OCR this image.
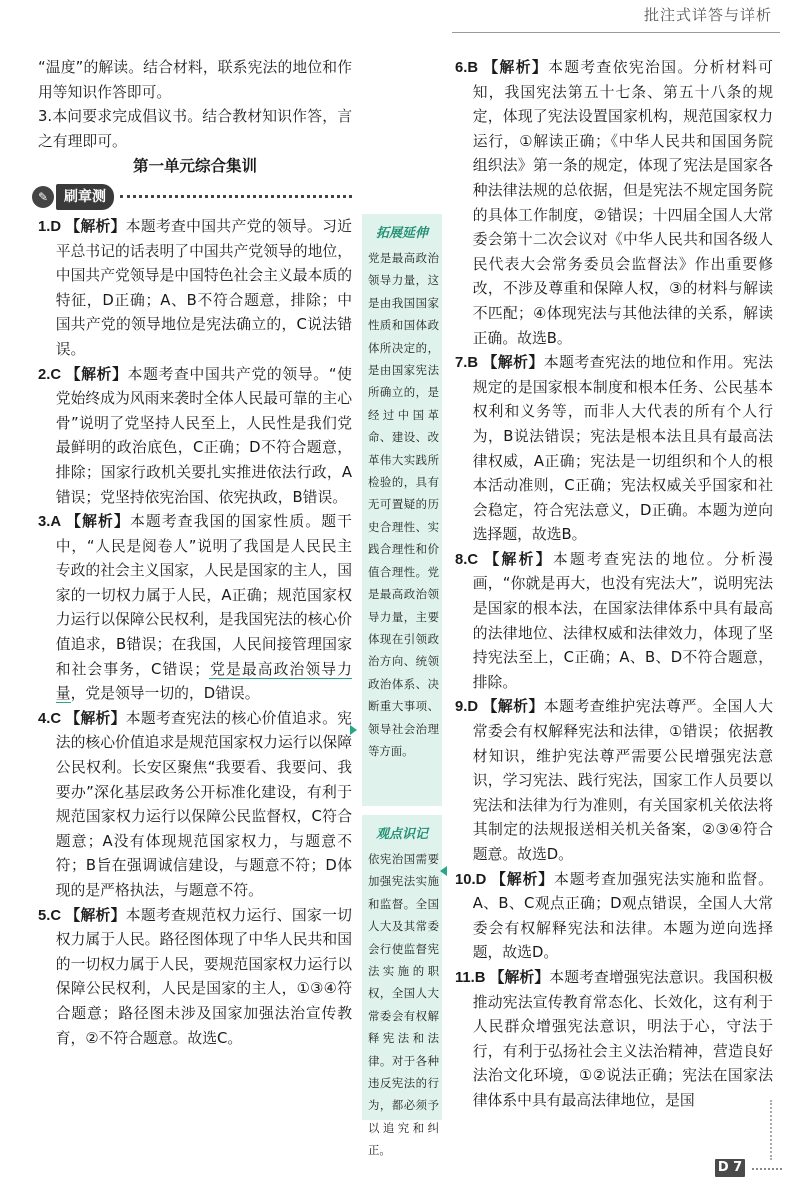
批注式详答与详析

“温度”的解读。结合材料，联系宪法的地位和作用等知识作答即可。

3.本问要求完成倡议书。结合教材知识作答，言之有理即可。

第一单元综合集训

✎	刷章测

1.D 【解析】本题考查中国共产党的领导。习近平总书记的话表明了中国共产党领导的地位，中国共产党领导是中国特色社会主义最本质的特征，D正确；A、B不符合题意，排除；中国共产党的领导地位是宪法确立的，C说法错误。

2.C 【解析】本题考查中国共产党的领导。“使党始终成为风雨来袭时全体人民最可靠的主心骨”说明了党坚持人民至上，人民性是我们党最鲜明的政治底色，C正确；D不符合题意，排除；国家行政机关要扎实推进依法行政，A错误；党坚持依宪治国、依宪执政，B错误。

3.A 【解析】本题考查我国的国家性质。题干中，“人民是阅卷人”说明了我国是人民民主专政的社会主义国家，人民是国家的主人，国家的一切权力属于人民，A正确；规范国家权力运行以保障公民权利，是我国宪法的核心价值追求，B错误；在我国，人民间接管理国家和社会事务，C错误；党是最高政治领导力量，党是领导一切的，D错误。

4.C 【解析】本题考查宪法的核心价值追求。宪法的核心价值追求是规范国家权力运行以保障公民权利。长安区聚焦“我要看、我要问、我要办”深化基层政务公开标准化建设，有利于规范国家权力运行以保障公民监督权，C符合题意；A没有体现规范国家权力，与题意不符；B旨在强调诚信建设，与题意不符；D体现的是严格执法，与题意不符。

5.C 【解析】本题考查规范权力运行、国家一切权力属于人民。路径图体现了中华人民共和国的一切权力属于人民，要规范国家权力运行以保障公民权利，人民是国家的主人，①③④符合题意；路径图未涉及国家加强法治宣传教育，②不符合题意。故选C。

拓展延伸
党是最高政治领导力量，这是由我国国家性质和国体政体所决定的，是由国家宪法所确立的，是经过中国革命、建设、改革伟大实践所检验的，具有无可置疑的历史合理性、实践合理性和价值合理性。党是最高政治领导力量，主要体现在引领政治方向、统领政治体系、决断重大事项、领导社会治理等方面。
观点识记
依宪治国需要加强宪法实施和监督。全国人大及其常委会行使监督宪法实施的职权，全国人大常委会有权解释宪法和法律。对于各种违反宪法的行为，都必须予以追究和纠正。

6.B 【解析】本题考查依宪治国。分析材料可知，我国宪法第五十七条、第五十八条的规定，体现了宪法设置国家机构，规范国家权力运行，①解读正确；《中华人民共和国国务院组织法》第一条的规定，体现了宪法是国家各种法律法规的总依据，但是宪法不规定国务院的具体工作制度，②错误；十四届全国人大常委会第十二次会议对《中华人民共和国各级人民代表大会常务委员会监督法》作出重要修改，不涉及尊重和保障人权，③的材料与解读不匹配；④体现宪法与其他法律的关系，解读正确。故选B。

7.B 【解析】本题考查宪法的地位和作用。宪法规定的是国家根本制度和根本任务、公民基本权利和义务等，而非人大代表的所有个人行为，B说法错误；宪法是根本法且具有最高法律权威，A正确；宪法是一切组织和个人的根本活动准则，C正确；宪法权威关乎国家和社会稳定，符合宪法意义，D正确。本题为逆向选择题，故选B。

8.C 【解析】本题考查宪法的地位。分析漫画，“你就是再大，也没有宪法大”，说明宪法是国家的根本法，在国家法律体系中具有最高的法律地位、法律权威和法律效力，体现了坚持宪法至上，C正确；A、B、D不符合题意，排除。

9.D 【解析】本题考查维护宪法尊严。全国人大常委会有权解释宪法和法律，①错误；依据教材知识，维护宪法尊严需要公民增强宪法意识，学习宪法、践行宪法，国家工作人员要以宪法和法律为行为准则，有关国家机关依法将其制定的法规报送相关机关备案，②③④符合题意。故选D。

10.D 【解析】本题考查加强宪法实施和监督。A、B、C观点正确；D观点错误，全国人大常委会有权解释宪法和法律。本题为逆向选择题，故选D。

11.B 【解析】本题考查增强宪法意识。我国积极推动宪法宣传教育常态化、长效化，这有利于人民群众增强宪法意识，明法于心，守法于行，有利于弘扬社会主义法治精神，营造良好法治文化环境，①②说法正确；宪法在国家法律体系中具有最高法律地位，是国

D 7
